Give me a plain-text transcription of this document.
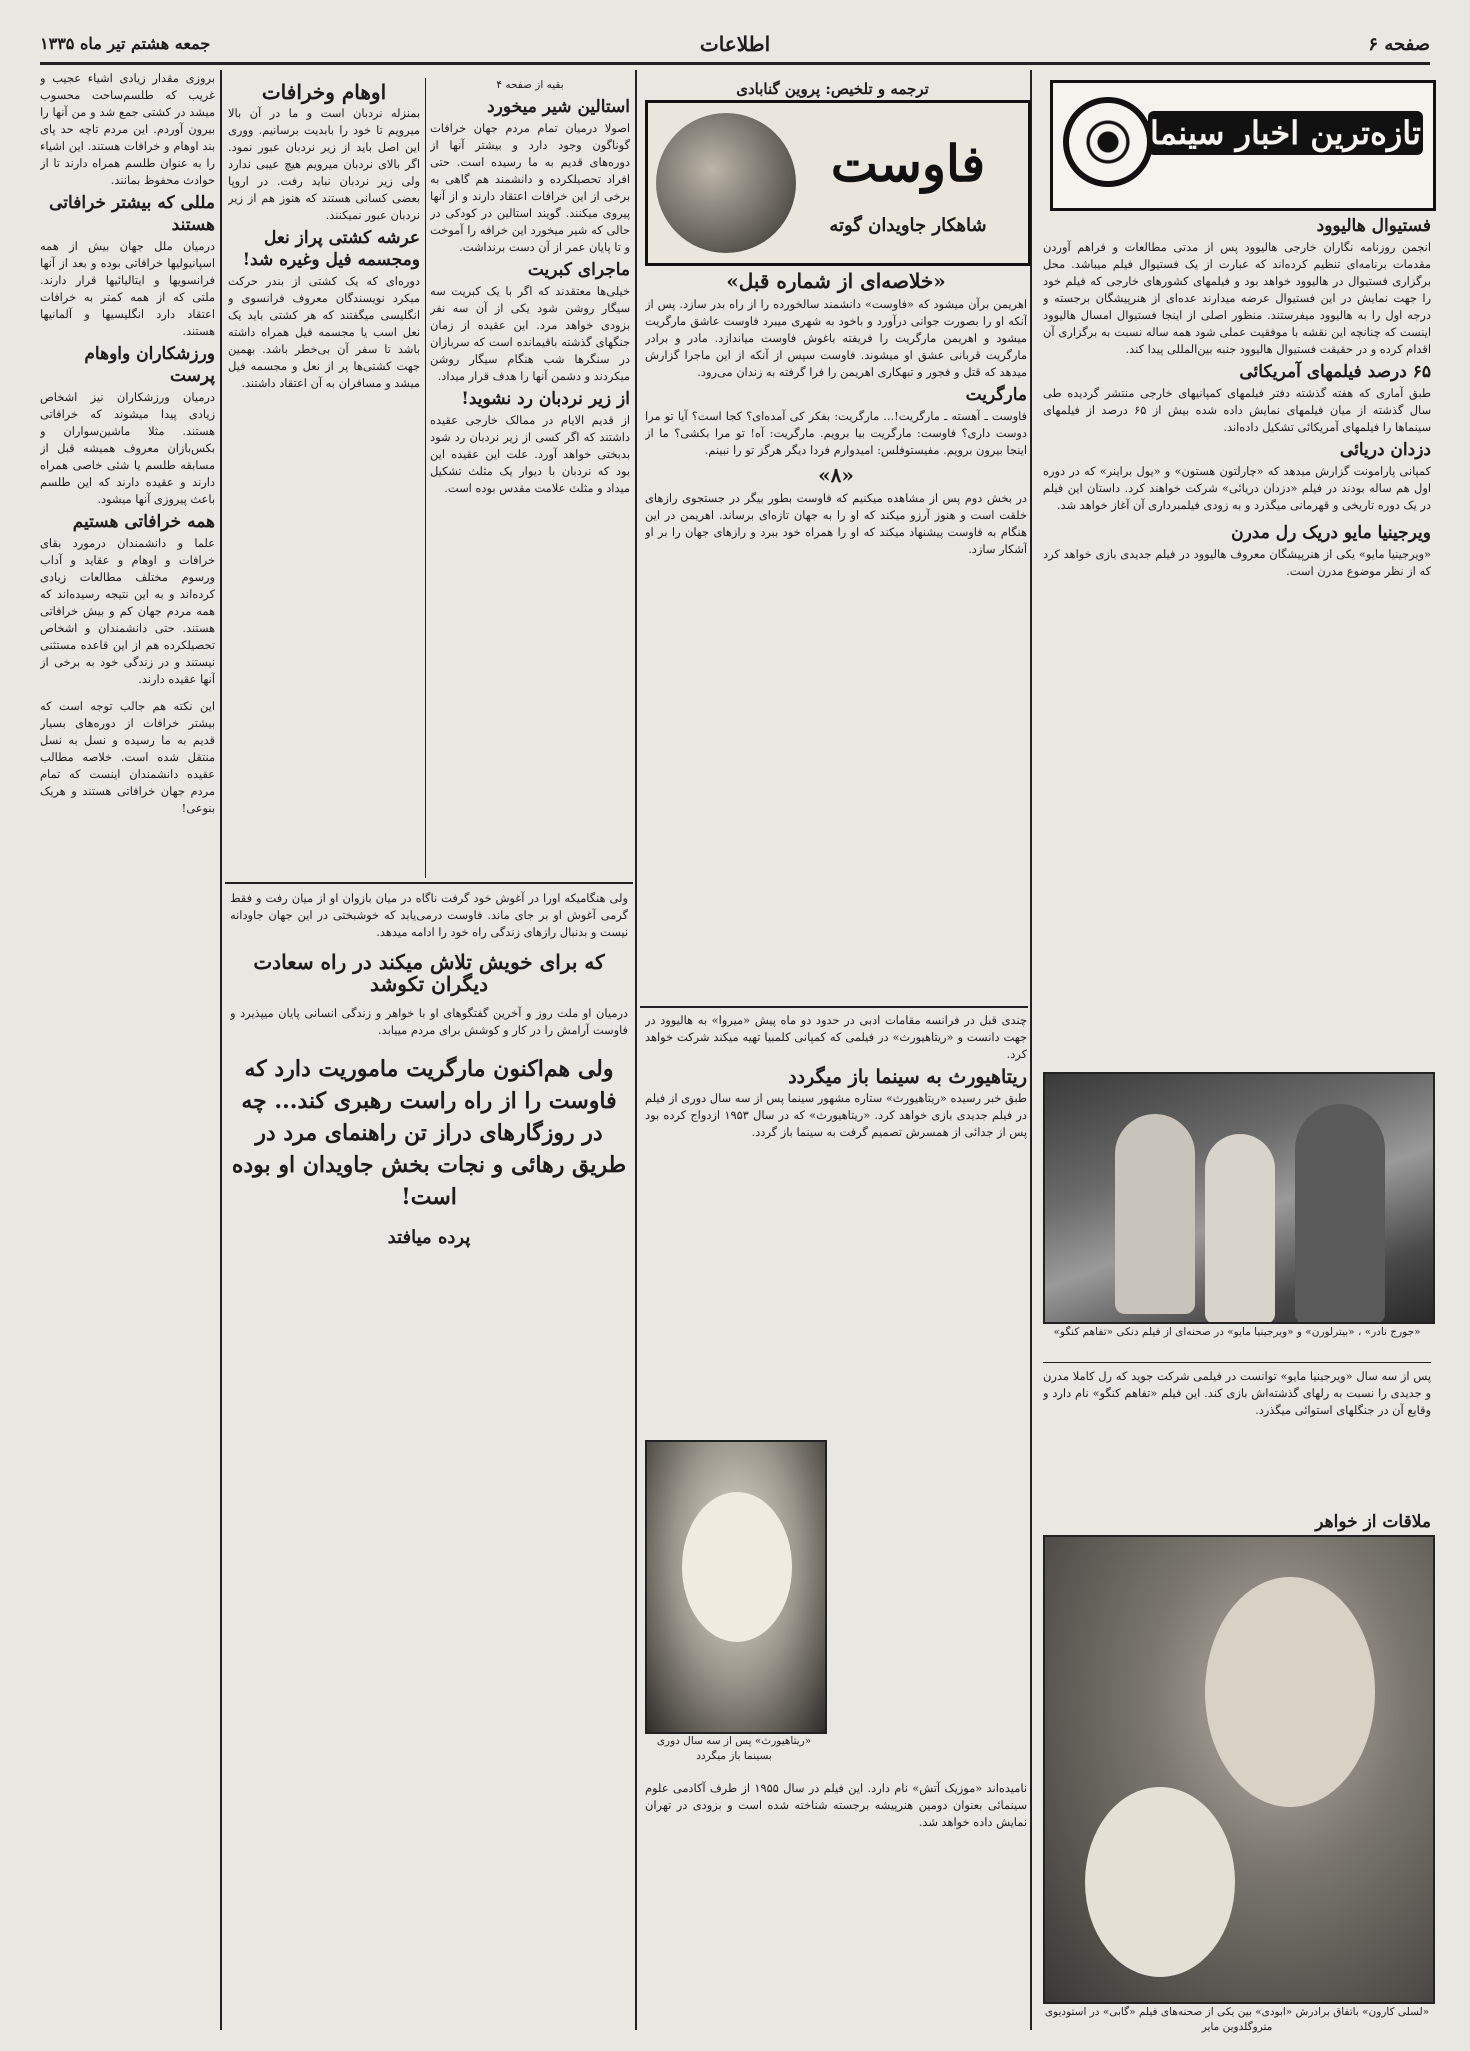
صفحه ۶
اطلاعات
جمعه هشتم تیر ماه ۱۳۳۵
تازه‌ترین اخبار سینما
فستیوال هالیوود
انجمن روزنامه نگاران خارجی هالیوود پس از مدتی مطالعات و فراهم آوردن مقدمات برنامه‌ای تنظیم کرده‌اند که عبارت از یک فستیوال فیلم میباشد. محل برگزاری فستیوال در هالیوود خواهد بود و فیلمهای کشورهای خارجی که فیلم خود را جهت نمایش در این فستیوال عرضه میدارند عده‌ای از هنرپیشگان برجسته و درجه اول را به هالیوود میفرستند. منظور اصلی از اینجا فستیوال امسال هالیوود اینست که چنانچه این نقشه با موفقیت عملی شود همه ساله نسبت به برگزاری آن اقدام کرده و در حقیقت فستیوال هالیوود جنبه بین‌المللی پیدا کند.
۶۵ درصد فیلمهای آمریکائی
طبق آماری که هفته گذشته دفتر فیلمهای کمپانیهای خارجی منتشر گردیده طی سال گذشته از میان فیلمهای نمایش داده شده بیش از ۶۵ درصد از فیلمهای سینماها را فیلمهای آمریکائی تشکیل داده‌اند.
دزدان دریائی
کمپانی پارامونت گزارش میدهد که «چارلتون هستون» و «یول براینر» که در دوره اول هم ساله بودند در فیلم «دزدان دریائی» شرکت خواهند کرد. داستان این فیلم در یک دوره تاریخی و قهرمانی میگذرد و به زودی فیلمبرداری آن آغاز خواهد شد.
ویرجینیا مایو دریک رل مدرن
«ویرجینیا مایو» یکی از هنرپیشگان معروف هالیوود در فیلم جدیدی بازی خواهد کرد که از نظر موضوع مدرن است.
«جورج نادر» ، «بیترلورن» و «ویرجینیا مایو» در صحنه‌ای از فیلم دنکی «تفاهم کنگو»
پس از سه سال «ویرجینیا مایو» توانست در فیلمی شرکت جوید که رل کاملا مدرن و جدیدی را نسبت به رلهای گذشته‌اش بازی کند. این فیلم «تفاهم کنگو» نام دارد و وقایع آن در جنگلهای استوائی میگذرد.
ملاقات از خواهر
«لسلی کارون» باتفاق برادرش «ابودی» بین یکی از صحنه‌های فیلم «گابی» در استودیوی متروگلدوین مایر
ترجمه و تلخیص: پروین گنابادی
فاوست
شاهکار جاویدان گوته
«خلاصه‌ای از شماره قبل»
اهریمن برآن میشود که «فاوست» دانشمند سالخورده را از راه بدر سازد. پس از آنکه او را بصورت جوانی درآورد و باخود به شهری میبرد فاوست عاشق مارگریت میشود و اهریمن مارگریت را فریفته باغوش فاوست میاندازد. مادر و برادر مارگریت قربانی عشق او میشوند. فاوست سپس از آنکه از این ماجرا گزارش میدهد که قتل و فجور و تبهکاری اهریمن را فرا گرفته به زندان می‌رود.
مارگریت
فاوست ـ آهسته ـ مارگریت!... مارگریت: بفکر کی آمده‌ای؟ کجا است؟ آیا تو مرا دوست داری؟ فاوست: مارگریت بیا برویم. مارگریت: آه! تو مرا بکشی؟ ما از اینجا بیرون برویم. مفیستوفلس: امیدوارم فردا دیگر هرگز تو را نبینم.
«۸»
در بخش دوم پس از مشاهده میکنیم که فاوست بطور بیگر در جستجوی رازهای خلقت است و هنوز آرزو میکند که او را به جهان تازه‌ای برساند. اهریمن در این هنگام به فاوست پیشنهاد میکند که او را همراه خود ببرد و رازهای جهان را بر او آشکار سازد.
چندی قبل در فرانسه مقامات ادبی در حدود دو ماه پیش «میروا» به هالیوود در جهت دانست و «ریتاهیورث» در فیلمی که کمپانی کلمبیا تهیه میکند شرکت خواهد کرد.
ریتاهیورث به سینما باز میگردد
طبق خبر رسیده «ریتاهیورث» ستاره مشهور سینما پس از سه سال دوری از فیلم در فیلم جدیدی بازی خواهد کرد. «ریتاهیورث» که در سال ۱۹۵۳ ازدواج کرده بود پس از جدائی از همسرش تصمیم گرفت به سینما باز گردد.
«ریتاهیورث» پس از سه سال دوری بسینما باز میگردد
نامیده‌اند «موزیک آتش» نام دارد. این فیلم در سال ۱۹۵۵ از طرف آکادمی علوم سینمائی بعنوان دومین هنرپیشه برجسته شناخته شده است و بزودی در تهران نمایش داده خواهد شد.
بقیه از صفحه ۴
استالین شیر میخورد
اصولا درمیان تمام مردم جهان خرافات گوناگون وجود دارد و بیشتر آنها از دوره‌های قدیم به ما رسیده است. حتی افراد تحصیلکرده و دانشمند هم گاهی به برخی از این خرافات اعتقاد دارند و از آنها پیروی میکنند. گویند استالین در کودکی در حالی که شیر میخورد این خرافه را آموخت و تا پایان عمر از آن دست برنداشت.
ماجرای کبریت
خیلی‌ها معتقدند که اگر با یک کبریت سه سیگار روشن شود یکی از آن سه نفر بزودی خواهد مرد. این عقیده از زمان جنگهای گذشته باقیمانده است که سربازان در سنگرها شب هنگام سیگار روشن میکردند و دشمن آنها را هدف قرار میداد.
از زیر نردبان رد نشوید!
از قدیم الایام در ممالک خارجی عقیده داشتند که اگر کسی از زیر نردبان رد شود بدبختی خواهد آورد. علت این عقیده این بود که نردبان با دیوار یک مثلث تشکیل میداد و مثلث علامت مقدس بوده است.
اوهام وخرافات
بمنزله نردبان است و ما در آن بالا میرویم تا خود را بابدیت برسانیم. ووری این اصل باید از زیر نردبان عبور نمود. اگر بالای نردبان میرویم هیچ عیبی ندارد ولی زیر نردبان نباید رفت. در اروپا بعضی کسانی هستند که هنوز هم از زیر نردبان عبور نمیکنند.
عرشه کشتی پراز نعل ومجسمه فیل وغیره شد!
دوره‌ای که یک کشتی از بندر حرکت میکرد نویسندگان معروف فرانسوی و انگلیسی میگفتند که هر کشتی باید یک نعل اسب یا مجسمه فیل همراه داشته باشد تا سفر آن بی‌خطر باشد. بهمین جهت کشتی‌ها پر از نعل و مجسمه فیل میشد و مسافران به آن اعتقاد داشتند.
ولی هنگامیکه اورا در آغوش خود گرفت ناگاه در میان بازوان او از میان رفت و فقط گرمی آغوش او بر جای ماند. فاوست درمی‌یابد که خوشبختی در این جهان جاودانه نیست و بدنبال رازهای زندگی راه خود را ادامه میدهد.
که برای خویش تلاش میکند در راه سعادت دیگران تکوشد
درمیان او ملت روز و آخرین گفتگوهای او با خواهر و زندگی انسانی پایان میپذیرد و فاوست آرامش را در کار و کوشش برای مردم مییابد.
ولی هم‌اکنون مارگریت ماموریت دارد که فاوست را از راه راست رهبری کند... چه در روزگارهای دراز تن راهنمای مرد در طریق رهائی و نجات بخش جاویدان او بوده است!
پرده میافتد
بروزی مقدار زیادی اشیاء عجیب و غریب که طلسم‌ساحت محسوب میشد در کشتی جمع شد و من آنها را بیرون آوردم. این مردم تاچه حد پای بند اوهام و خرافات هستند. این اشیاء را به عنوان طلسم همراه دارند تا از حوادث محفوظ بمانند.
مللی که بیشتر خرافاتی هستند
درمیان ملل جهان بیش از همه اسپانیولیها خرافاتی بوده و بعد از آنها فرانسویها و ایتالیائیها قرار دارند. ملتی که از همه کمتر به خرافات اعتقاد دارد انگلیسیها و آلمانیها هستند.
ورزشکاران واوهام پرست
درمیان ورزشکاران نیز اشخاص زیادی پیدا میشوند که خرافاتی هستند. مثلا ماشین‌سواران و بکس‌بازان معروف همیشه قبل از مسابقه طلسم یا شئی خاصی همراه دارند و عقیده دارند که این طلسم باعث پیروزی آنها میشود.
همه خرافاتی هستیم
علما و دانشمندان درمورد بقای خرافات و اوهام و عقاید و آداب ورسوم مختلف مطالعات زیادی کرده‌اند و به این نتیجه رسیده‌اند که همه مردم جهان کم و بیش خرافاتی هستند. حتی دانشمندان و اشخاص تحصیلکرده هم از این قاعده مستثنی نیستند و در زندگی خود به برخی از آنها عقیده دارند.
این نکته هم جالب توجه است که بیشتر خرافات از دوره‌های بسیار قدیم به ما رسیده و نسل به نسل منتقل شده است. خلاصه مطالب عقیده دانشمندان اینست که تمام مردم جهان خرافاتی هستند و هریک بنوعی!
